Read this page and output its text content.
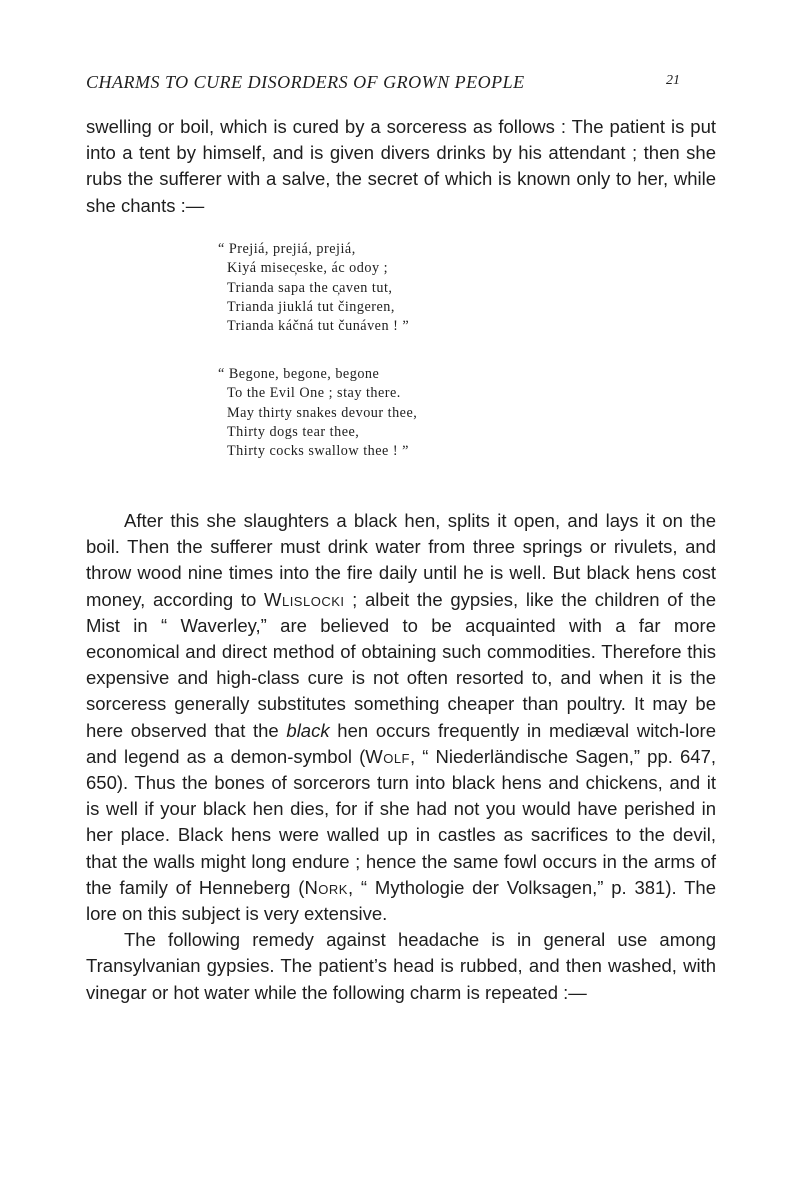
CHARMS TO CURE DISORDERS OF GROWN PEOPLE	21

swelling or boil, which is cured by a sorceress as follows : The patient is put into a tent by himself, and is given divers drinks by his attendant ; then she rubs the sufferer with a salve, the secret of which is known only to her, while she chants :—

“ Prejiá, prejiá, prejiá,
Kiyá misec̦eske, ác odoy ;
Trianda sapa the c̦aven tut,
Trianda jiuklá tut čingeren,
Trianda káčná tut čunáven ! ”
“ Begone, begone, begone
To the Evil One ; stay there.
May thirty snakes devour thee,
Thirty dogs tear thee,
Thirty cocks swallow thee ! ”

After this she slaughters a black hen, splits it open, and lays it on the boil. Then the sufferer must drink water from three springs or rivulets, and throw wood nine times into the fire daily until he is well. But black hens cost money, according to Wlislocki ; albeit the gypsies, like the children of the Mist in “ Waverley,” are believed to be acquainted with a far more economical and direct method of obtaining such commodities. Therefore this expensive and high-class cure is not often resorted to, and when it is the sorceress generally substitutes something cheaper than poultry. It may be here observed that the black hen occurs frequently in mediæval witch-lore and legend as a demon-symbol (Wolf, “ Niederländische Sagen,” pp. 647, 650). Thus the bones of sorcerors turn into black hens and chickens, and it is well if your black hen dies, for if she had not you would have perished in her place. Black hens were walled up in castles as sacrifices to the devil, that the walls might long endure ; hence the same fowl occurs in the arms of the family of Henneberg (Nork, “ Mythologie der Volksagen,” p. 381). The lore on this subject is very extensive.

The following remedy against headache is in general use among Transylvanian gypsies. The patient’s head is rubbed, and then washed, with vinegar or hot water while the following charm is repeated :—
